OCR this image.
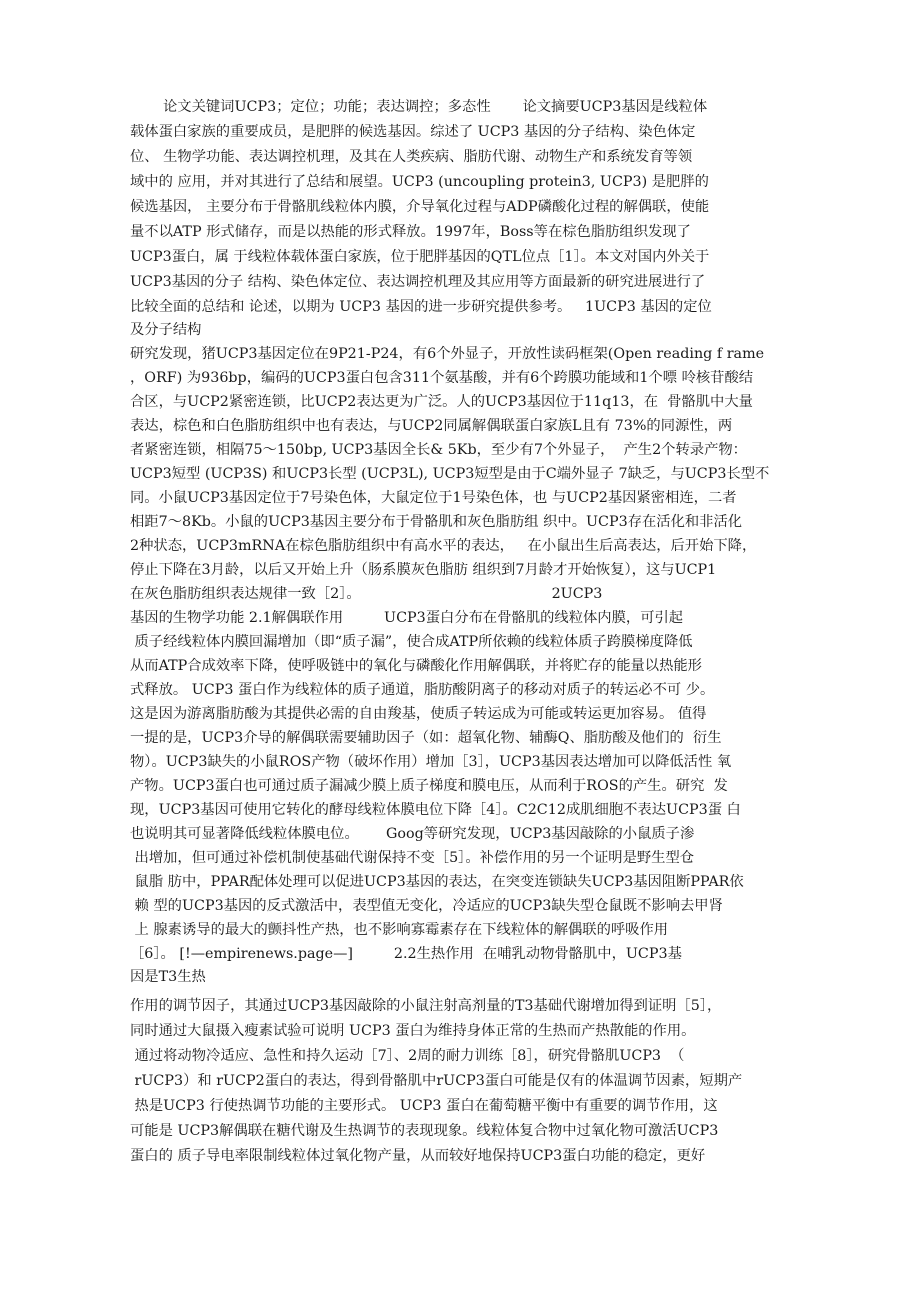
论文关键词UCP3；定位；功能；表达调控；多态性       论文摘要UCP3基因是线粒体
载体蛋白家族的重要成员，是肥胖的候选基因。综述了 UCP3 基因的分子结构、染色体定
位、 生物学功能、表达调控机理，及其在人类疾病、脂肪代谢、动物生产和系统发育等领
域中的 应用，并对其进行了总结和展望。UCP3 (uncoupling protein3, UCP3) 是肥胖的
候选基因， 主要分布于骨骼肌线粒体内膜，介导氧化过程与ADP磷酸化过程的解偶联，使能
量不以ATP 形式储存，而是以热能的形式释放。1997年，Boss等在棕色脂肪组织发现了
UCP3蛋白，属 于线粒体载体蛋白家族，位于肥胖基因的QTL位点［1］。本文对国内外关于
UCP3基因的分子 结构、染色体定位、表达调控机理及其应用等方面最新的研究进展进行了
比较全面的总结和 论述，以期为 UCP3 基因的进一步研究提供参考。   1UCP3 基因的定位
及分子结构
研究发现，猪UCP3基因定位在9P21-P24，有6个外显子，开放性读码框架(Open reading f rame
，ORF) 为936bp，编码的UCP3蛋白包含311个氨基酸，并有6个跨膜功能域和1个嘌 呤核苷酸结
合区，与UCP2紧密连锁，比UCP2表达更为广泛。人的UCP3基因位于11q13，在  骨骼肌中大量
表达，棕色和白色脂肪组织中也有表达，与UCP2同属解偶联蛋白家族L且有 73%的同源性，两
者紧密连锁，相隔75～150bp, UCP3基因全长& 5Kb，至少有7个外显子，  产生2个转录产物：
UCP3短型 (UCP3S) 和UCP3长型 (UCP3L), UCP3短型是由于C端外显子 7缺乏，与UCP3长型不
同。小鼠UCP3基因定位于7号染色体，大鼠定位于1号染色体，也 与UCP2基因紧密相连，二者
相距7～8Kb。小鼠的UCP3基因主要分布于骨骼肌和灰色脂肪组 织中。UCP3存在活化和非活化
2种状态，UCP3mRNA在棕色脂肪组织中有高水平的表达，   在小鼠出生后高表达，后开始下降，
停止下降在3月龄，以后又开始上升（肠系膜灰色脂肪 组织到7月龄才开始恢复），这与UCP1
在灰色脂肪组织表达规律一致［2］。                                          2UCP3
基因的生物学功能 2.1解偶联作用         UCP3蛋白分布在骨骼肌的线粒体内膜，可引起
质子经线粒体内膜回漏增加（即“质子漏”，使合成ATP所依赖的线粒体质子跨膜梯度降低
从而ATP合成效率下降，使呼吸链中的氧化与磷酸化作用解偶联，并将贮存的能量以热能形
式释放。 UCP3 蛋白作为线粒体的质子通道，脂肪酸阴离子的移动对质子的转运必不可 少。
这是因为游离脂肪酸为其提供必需的自由羧基，使质子转运成为可能或转运更加容易。 值得
一提的是，UCP3介导的解偶联需要辅助因子（如：超氧化物、辅酶Q、脂肪酸及他们的  衍生
物）。UCP3缺失的小鼠ROS产物（破坏作用）增加［3］，UCP3基因表达增加可以降低活性 氧
产物。UCP3蛋白也可通过质子漏减少膜上质子梯度和膜电压，从而利于ROS的产生。研究  发
现，UCP3基因可使用它转化的酵母线粒体膜电位下降［4］。C2C12成肌细胞不表达UCP3蛋 白
也说明其可显著降低线粒体膜电位。      Goog等研究发现，UCP3基因敲除的小鼠质子渗
出增加，但可通过补偿机制使基础代谢保持不变［5］。补偿作用的另一个证明是野生型仓
鼠脂 肪中，PPAR配体处理可以促进UCP3基因的表达，在突变连锁缺失UCP3基因阻断PPAR依
赖 型的UCP3基因的反式激活中，表型值无变化，冷适应的UCP3缺失型仓鼠既不影响去甲肾
上 腺素诱导的最大的颤抖性产热，也不影响寡霉素存在下线粒体的解偶联的呼吸作用
［6］。 [!—empirenews.page—]         2.2生热作用  在哺乳动物骨骼肌中，UCP3基
因是T3生热
作用的调节因子，其通过UCP3基因敲除的小鼠注射高剂量的T3基础代谢增加得到证明［5］，
同时通过大鼠摄入瘦素试验可说明 UCP3 蛋白为维持身体正常的生热而产热散能的作用。
通过将动物冷适应、急性和持久运动［7］、2周的耐力训练［8］，研究骨骼肌UCP3  （
rUCP3）和 rUCP2蛋白的表达，得到骨骼肌中rUCP3蛋白可能是仅有的体温调节因素，短期产
热是UCP3 行使热调节功能的主要形式。 UCP3 蛋白在葡萄糖平衡中有重要的调节作用，这
可能是 UCP3解偶联在糖代谢及生热调节的表现现象。线粒体复合物中过氧化物可激活UCP3
蛋白的 质子导电率限制线粒体过氧化物产量，从而较好地保持UCP3蛋白功能的稳定，更好
